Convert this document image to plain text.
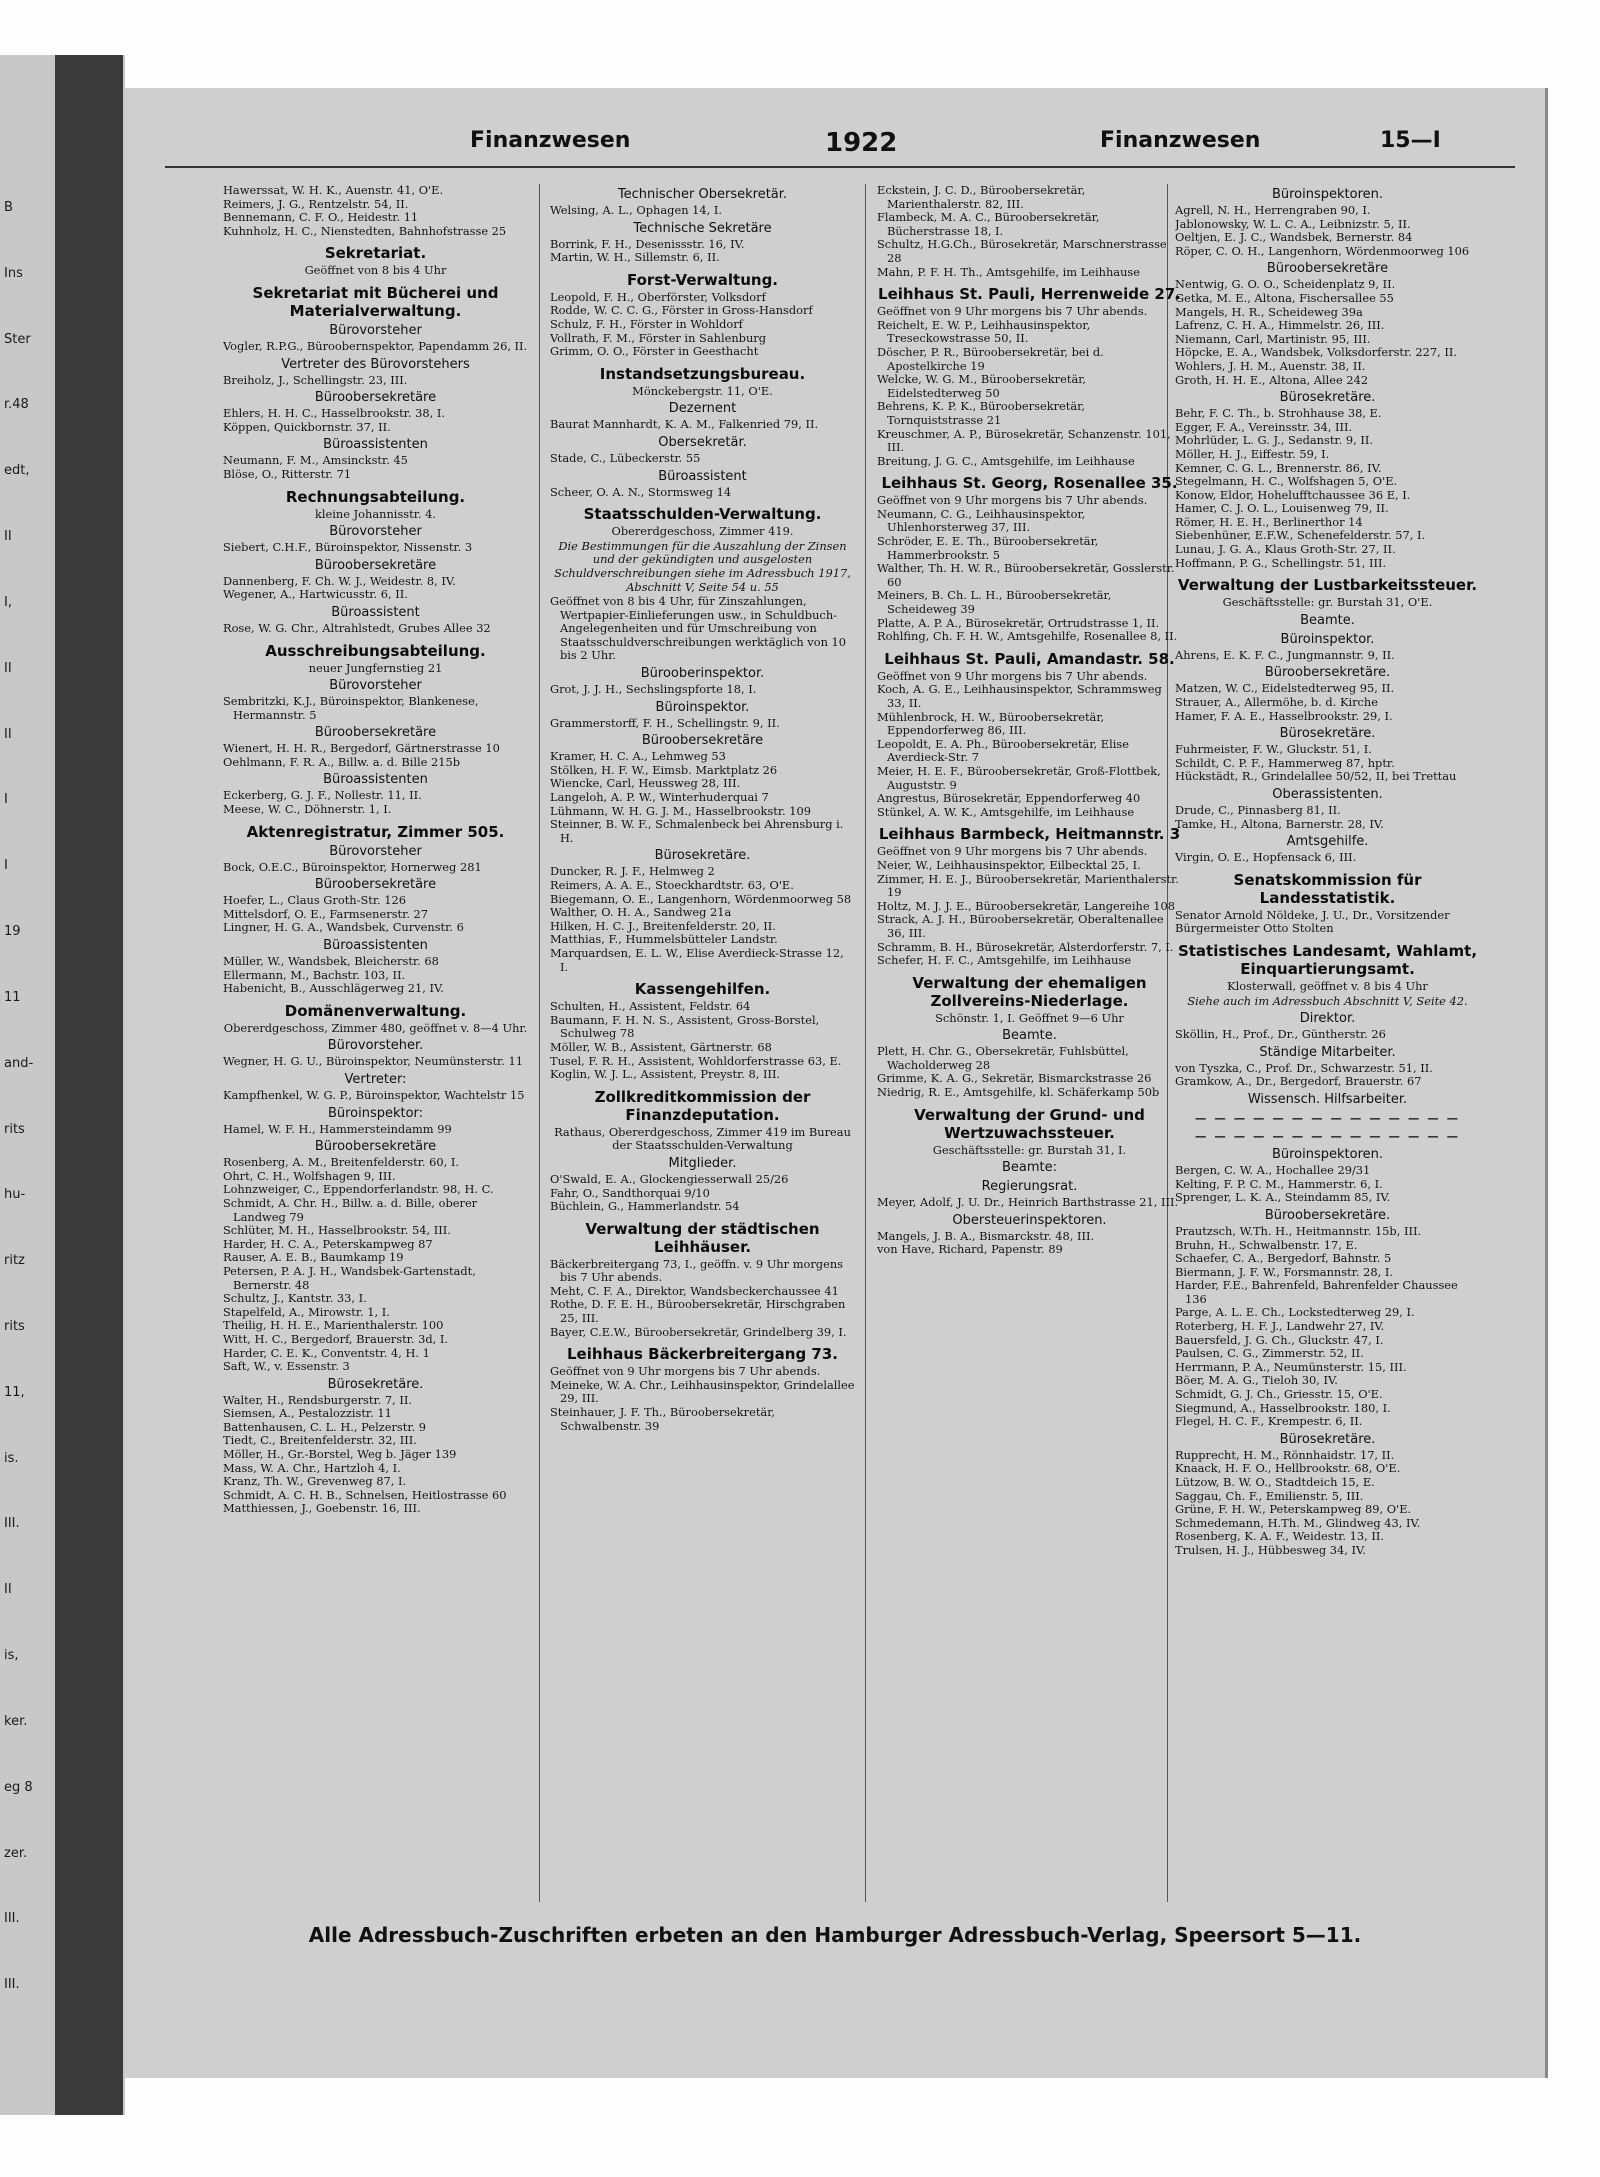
Finanzwesen	1922	Finanzwesen	15—I
Hawerssat, W. H. K., Auenstr. 41, O'E.
Reimers, J. G., Rentzelstr. 54, II.
Bennemann, C. F. O., Heidestr. 11
Kuhnholz, H. C., Nienstedten, Bahnhofstrasse 25
Sekretariat.
Geöffnet von 8 bis 4 Uhr
Sekretariat mit Bücherei und Materialverwaltung.
Bürovorsteher
Vogler, R.P.G., Büroobernspektor, Papendamm 26, II.
Vertreter des Bürovorstehers
Breiholz, J., Schellingstr. 23, III.
Büroobersekretäre
Ehlers, H. H. C., Hasselbrookstr. 38, I.
Köppen, Quickbornstr. 37, II.
Büroassistenten
Neumann, F. M., Amsinckstr. 45
Blöse, O., Ritterstr. 71
Rechnungsabteilung.
kleine Johannisstr. 4.
Bürovorsteher
Siebert, C.H.F., Büroinspektor, Nissenstr. 3
Büroobersekretäre
Dannenberg, F. Ch. W. J., Weidestr. 8, IV.
Wegener, A., Hartwicusstr. 6, II.
Büroassistent
Rose, W. G. Chr., Altrahlstedt, Grubes Allee 32
Ausschreibungsabteilung.
neuer Jungfernstieg 21
Bürovorsteher
Sembritzki, K.J., Büroinspektor, Blankenese, Hermannstr. 5
Büroobersekretäre
Wienert, H. H. R., Bergedorf, Gärtnerstrasse 10
Oehlmann, F. R. A., Billw. a. d. Bille 215b
Büroassistenten
Eckerberg, G. J. F., Nollestr. 11, II.
Meese, W. C., Döhnerstr. 1, I.
Aktenregistratur, Zimmer 505.
Bürovorsteher
Bock, O.E.C., Büroinspektor, Hornerweg 281
Büroobersekretäre
Hoefer, L., Claus Groth-Str. 126
Mittelsdorf, O. E., Farmsenerstr. 27
Lingner, H. G. A., Wandsbek, Curvenstr. 6
Büroassistenten
Müller, W., Wandsbek, Bleicherstr. 68
Ellermann, M., Bachstr. 103, II.
Habenicht, B., Ausschlägerweg 21, IV.
Domänenverwaltung.
Obererdgeschoss, Zimmer 480, geöffnet v. 8—4 Uhr.
Bürovorsteher.
Wegner, H. G. U., Büroinspektor, Neumünsterstr. 11
Vertreter:
Kampfhenkel, W. G. P., Büroinspektor, Wachtelstr 15
Büroinspektor:
Hamel, W. F. H., Hammersteindamm 99
Büroobersekretäre
Rosenberg, A. M., Breitenfelderstr. 60, I.
Ohrt, C. H., Wolfshagen 9, III.
Lohnzweiger, C., Eppendorferlandstr. 98, H. C.
Schmidt, A. Chr. H., Billw. a. d. Bille, oberer Landweg 79
Schlüter, M. H., Hasselbrookstr. 54, III.
Harder, H. C. A., Peterskampweg 87
Rauser, A. E. B., Baumkamp 19
Petersen, P. A. J. H., Wandsbek-Gartenstadt, Bernerstr. 48
Schultz, J., Kantstr. 33, I.
Stapelfeld, A., Mirowstr. 1, I.
Theilig, H. H. E., Marienthalerstr. 100
Witt, H. C., Bergedorf, Brauerstr. 3d, I.
Harder, C. E. K., Conventstr. 4, H. 1
Saft, W., v. Essenstr. 3
Bürosekretäre.
Walter, H., Rendsburgerstr. 7, II.
Siemsen, A., Pestalozzistr. 11
Battenhausen, C. L. H., Pelzerstr. 9
Tiedt, C., Breitenfelderstr. 32, III.
Möller, H., Gr.-Borstel, Weg b. Jäger 139
Mass, W. A. Chr., Hartzloh 4, I.
Kranz, Th. W., Grevenweg 87, I.
Schmidt, A. C. H. B., Schnelsen, Heitlostrasse 60
Matthiessen, J., Goebenstr. 16, III.
Technischer Obersekretär.
Welsing, A. L., Ophagen 14, I.
Technische Sekretäre
Borrink, F. H., Desenissstr. 16, IV.
Martin, W. H., Sillemstr. 6, II.
Forst-Verwaltung.
Leopold, F. H., Oberförster, Volksdorf
Rodde, W. C. C. G., Förster in Gross-Hansdorf
Schulz, F. H., Förster in Wohldorf
Vollrath, F. M., Förster in Sahlenburg
Grimm, O. O., Förster in Geesthacht
Instandsetzungsbureau.
Mönckebergstr. 11, O'E.
Dezernent
Baurat Mannhardt, K. A. M., Falkenried 79, II.
Obersekretär.
Stade, C., Lübeckerstr. 55
Büroassistent
Scheer, O. A. N., Stormsweg 14
Staatsschulden-Verwaltung.
Obererdgeschoss, Zimmer 419.
Die Bestimmungen für die Auszahlung der Zinsen und der gekündigten und ausgelosten Schuldverschreibungen siehe im Adressbuch 1917, Abschnitt V, Seite 54 u. 55
Geöffnet von 8 bis 4 Uhr, für Zinszahlungen, Wertpapier-Einlieferungen usw., in Schuldbuch-Angelegenheiten und für Umschreibung von Staatsschuldverschreibungen werktäglich von 10 bis 2 Uhr.
Bürooberinspektor.
Grot, J. J. H., Sechslingspforte 18, I.
Büroinspektor.
Grammerstorff, F. H., Schellingstr. 9, II.
Büroobersekretäre
Kramer, H. C. A., Lehmweg 53
Stölken, H. F. W., Eimsb. Marktplatz 26
Wiencke, Carl, Heussweg 28, III.
Langeloh, A. P. W., Winterhuderquai 7
Lühmann, W. H. G. J. M., Hasselbrookstr. 109
Steinner, B. W. F., Schmalenbeck bei Ahrensburg i. H.
Bürosekretäre.
Duncker, R. J. F., Helmweg 2
Reimers, A. A. E., Stoeckhardtstr. 63, O'E.
Biegemann, O. E., Langenhorn, Wördenmoorweg 58
Walther, O. H. A., Sandweg 21a
Hilken, H. C. J., Breitenfelderstr. 20, II.
Matthias, F., Hummelsbütteler Landstr.
Marquardsen, E. L. W., Elise Averdieck-Strasse 12, I.
Kassengehilfen.
Schulten, H., Assistent, Feldstr. 64
Baumann, F. H. N. S., Assistent, Gross-Borstel, Schulweg 78
Möller, W. B., Assistent, Gärtnerstr. 68
Tusel, F. R. H., Assistent, Wohldorferstrasse 63, E.
Koglin, W. J. L., Assistent, Preystr. 8, III.
Zollkreditkommission der Finanzdeputation.
Rathaus, Obererdgeschoss, Zimmer 419 im Bureau der Staatsschulden-Verwaltung
Mitglieder.
O'Swald, E. A., Glockengiesserwall 25/26
Fahr, O., Sandthorquai 9/10
Büchlein, G., Hammerlandstr. 54
Verwaltung der städtischen Leihhäuser.
Bäckerbreitergang 73, I., geöffn. v. 9 Uhr morgens bis 7 Uhr abends.
Meht, C. F. A., Direktor, Wandsbeckerchaussee 41
Rothe, D. F. E. H., Büroobersekretär, Hirschgraben 25, III.
Bayer, C.E.W., Büroobersekretär, Grindelberg 39, I.
Leihhaus Bäckerbreitergang 73.
Geöffnet von 9 Uhr morgens bis 7 Uhr abends.
Meineke, W. A. Chr., Leihhausinspektor, Grindelallee 29, III.
Steinhauer, J. F. Th., Büroobersekretär, Schwalbenstr. 39
Eckstein, J. C. D., Büroobersekretär, Marienthalerstr. 82, III.
Flambeck, M. A. C., Büroobersekretär, Bücherstrasse 18, I.
Schultz, H.G.Ch., Bürosekretär, Marschnerstrasse 28
Mahn, P. F. H. Th., Amtsgehilfe, im Leihhause
Leihhaus St. Pauli, Herrenweide 27.
Geöffnet von 9 Uhr morgens bis 7 Uhr abends.
Reichelt, E. W. P., Leihhausinspektor, Treseckowstrasse 50, II.
Döscher, P. R., Büroobersekretär, bei d. Apostelkirche 19
Welcke, W. G. M., Büroobersekretär, Eidelstedterweg 50
Behrens, K. P. K., Büroobersekretär, Tornquiststrasse 21
Kreuschmer, A. P., Bürosekretär, Schanzenstr. 101, III.
Breitung, J. G. C., Amtsgehilfe, im Leihhause
Leihhaus St. Georg, Rosenallee 35.
Geöffnet von 9 Uhr morgens bis 7 Uhr abends.
Neumann, C. G., Leihhausinspektor, Uhlenhorsterweg 37, III.
Schröder, E. E. Th., Büroobersekretär, Hammerbrookstr. 5
Walther, Th. H. W. R., Büroobersekretär, Gosslerstr. 60
Meiners, B. Ch. L. H., Büroobersekretär, Scheideweg 39
Platte, A. P. A., Bürosekretär, Ortrudstrasse 1, II.
Rohlfing, Ch. F. H. W., Amtsgehilfe, Rosenallee 8, II.
Leihhaus St. Pauli, Amandastr. 58.
Geöffnet von 9 Uhr morgens bis 7 Uhr abends.
Koch, A. G. E., Leihhausinspektor, Schrammsweg 33, II.
Mühlenbrock, H. W., Büroobersekretär, Eppendorferweg 86, III.
Leopoldt, E. A. Ph., Büroobersekretär, Elise Averdieck-Str. 7
Meier, H. E. F., Büroobersekretär, Groß-Flottbek, Auguststr. 9
Angrestus, Bürosekretär, Eppendorferweg 40
Stünkel, A. W. K., Amtsgehilfe, im Leihhause
Leihhaus Barmbeck, Heitmannstr. 3
Geöffnet von 9 Uhr morgens bis 7 Uhr abends.
Neier, W., Leihhausinspektor, Eilbecktal 25, I.
Zimmer, H. E. J., Büroobersekretär, Marienthalerstr. 19
Holtz, M. J. J. E., Büroobersekretär, Langereihe 108
Strack, A. J. H., Büroobersekretär, Oberaltenallee 36, III.
Schramm, B. H., Bürosekretär, Alsterdorferstr. 7, I.
Schefer, H. F. C., Amtsgehilfe, im Leihhause
Verwaltung der ehemaligen Zollvereins-Niederlage.
Schönstr. 1, I. Geöffnet 9—6 Uhr
Beamte.
Plett, H. Chr. G., Obersekretär, Fuhlsbüttel, Wacholderweg 28
Grimme, K. A. G., Sekretär, Bismarckstrasse 26
Niedrig, R. E., Amtsgehilfe, kl. Schäferkamp 50b
Verwaltung der Grund- und Wertzuwachssteuer.
Geschäftsstelle: gr. Burstah 31, I.
Beamte:
Regierungsrat.
Meyer, Adolf, J. U. Dr., Heinrich Barthstrasse 21, III.
Obersteuerinspektoren.
Mangels, J. B. A., Bismarckstr. 48, III.
von Have, Richard, Papenstr. 89
Büroinspektoren.
Agrell, N. H., Herrengraben 90, I.
Jablonowsky, W. L. C. A., Leibnizstr. 5, II.
Oeltjen, E. J. C., Wandsbek, Bernerstr. 84
Röper, C. O. H., Langenhorn, Wördenmoorweg 106
Büroobersekretäre
Nentwig, G. O. O., Scheidenplatz 9, II.
Getka, M. E., Altona, Fischersallee 55
Mangels, H. R., Scheideweg 39a
Lafrenz, C. H. A., Himmelstr. 26, III.
Niemann, Carl, Martinistr. 95, III.
Höpcke, E. A., Wandsbek, Volksdorferstr. 227, II.
Wohlers, J. H. M., Auenstr. 38, II.
Groth, H. H. E., Altona, Allee 242
Bürosekretäre.
Behr, F. C. Th., b. Strohhause 38, E.
Egger, F. A., Vereinsstr. 34, III.
Mohrlüder, L. G. J., Sedanstr. 9, II.
Möller, H. J., Eiffestr. 59, I.
Kemner, C. G. L., Brennerstr. 86, IV.
Stegelmann, H. C., Wolfshagen 5, O'E.
Konow, Eldor, Hohelufftchaussee 36 E, I.
Hamer, C. J. O. L., Louisenweg 79, II.
Römer, H. E. H., Berlinerthor 14
Siebenhüner, E.F.W., Schenefelderstr. 57, I.
Lunau, J. G. A., Klaus Groth-Str. 27, II.
Hoffmann, P. G., Schellingstr. 51, III.
Verwaltung der Lustbarkeitssteuer.
Geschäftsstelle: gr. Burstah 31, O'E.
Beamte.
Büroinspektor.
Ahrens, E. K. F. C., Jungmannstr. 9, II.
Büroobersekretäre.
Matzen, W. C., Eidelstedterweg 95, II.
Strauer, A., Allermöhe, b. d. Kirche
Hamer, F. A. E., Hasselbrookstr. 29, I.
Bürosekretäre.
Fuhrmeister, F. W., Gluckstr. 51, I.
Schildt, C. P. F., Hammerweg 87, hptr.
Hückstädt, R., Grindelallee 50/52, II, bei Trettau
Oberassistenten.
Drude, C., Pinnasberg 81, II.
Tamke, H., Altona, Barnerstr. 28, IV.
Amtsgehilfe.
Virgin, O. E., Hopfensack 6, III.
Senatskommission für Landesstatistik.
Senator Arnold Nöldeke, J. U., Dr., Vorsitzender
Bürgermeister Otto Stolten
Statistisches Landesamt, Wahlamt, Einquartierungsamt.
Klosterwall, geöffnet v. 8 bis 4 Uhr
Siehe auch im Adressbuch Abschnitt V, Seite 42.
Direktor.
Sköllin, H., Prof., Dr., Güntherstr. 26
Ständige Mitarbeiter.
von Tyszka, C., Prof. Dr., Schwarzestr. 51, II.
Gramkow, A., Dr., Bergedorf, Brauerstr. 67
Wissensch. Hilfsarbeiter.
— — — — — — — — — — — — — —
— — — — — — — — — — — — — —
Büroinspektoren.
Bergen, C. W. A., Hochallee 29/31
Kelting, F. P. C. M., Hammerstr. 6, I.
Sprenger, L. K. A., Steindamm 85, IV.
Büroobersekretäre.
Prautzsch, W.Th. H., Heitmannstr. 15b, III.
Bruhn, H., Schwalbenstr. 17, E.
Schaefer, C. A., Bergedorf, Bahnstr. 5
Biermann, J. F. W., Forsmannstr. 28, I.
Harder, F.E., Bahrenfeld, Bahrenfelder Chaussee 136
Parge, A. L. E. Ch., Lockstedterweg 29, I.
Roterberg, H. F. J., Landwehr 27, IV.
Bauersfeld, J. G. Ch., Gluckstr. 47, I.
Paulsen, C. G., Zimmerstr. 52, II.
Herrmann, P. A., Neumünsterstr. 15, III.
Böer, M. A. G., Tieloh 30, IV.
Schmidt, G. J. Ch., Griesstr. 15, O'E.
Siegmund, A., Hasselbrookstr. 180, I.
Flegel, H. C. F., Krempestr. 6, II.
Bürosekretäre.
Rupprecht, H. M., Rönnhaidstr. 17, II.
Knaack, H. F. O., Hellbrookstr. 68, O'E.
Lützow, B. W. O., Stadtdeich 15, E.
Saggau, Ch. F., Emilienstr. 5, III.
Grüne, F. H. W., Peterskampweg 89, O'E.
Schmedemann, H.Th. M., Glindweg 43, IV.
Rosenberg, K. A. F., Weidestr. 13, II.
Trulsen, H. J., Hübbesweg 34, IV.
Alle Adressbuch-Zuschriften erbeten an den Hamburger Adressbuch-Verlag, Speersort 5—11.
B
Ins
Ster
r.48
edt,
II
I,
II
II
I
I
19
11
and-
rits
hu-
ritz
rits
11,
is.
III.
II
is,
ker.
eg 8
zer.
III.
III.
